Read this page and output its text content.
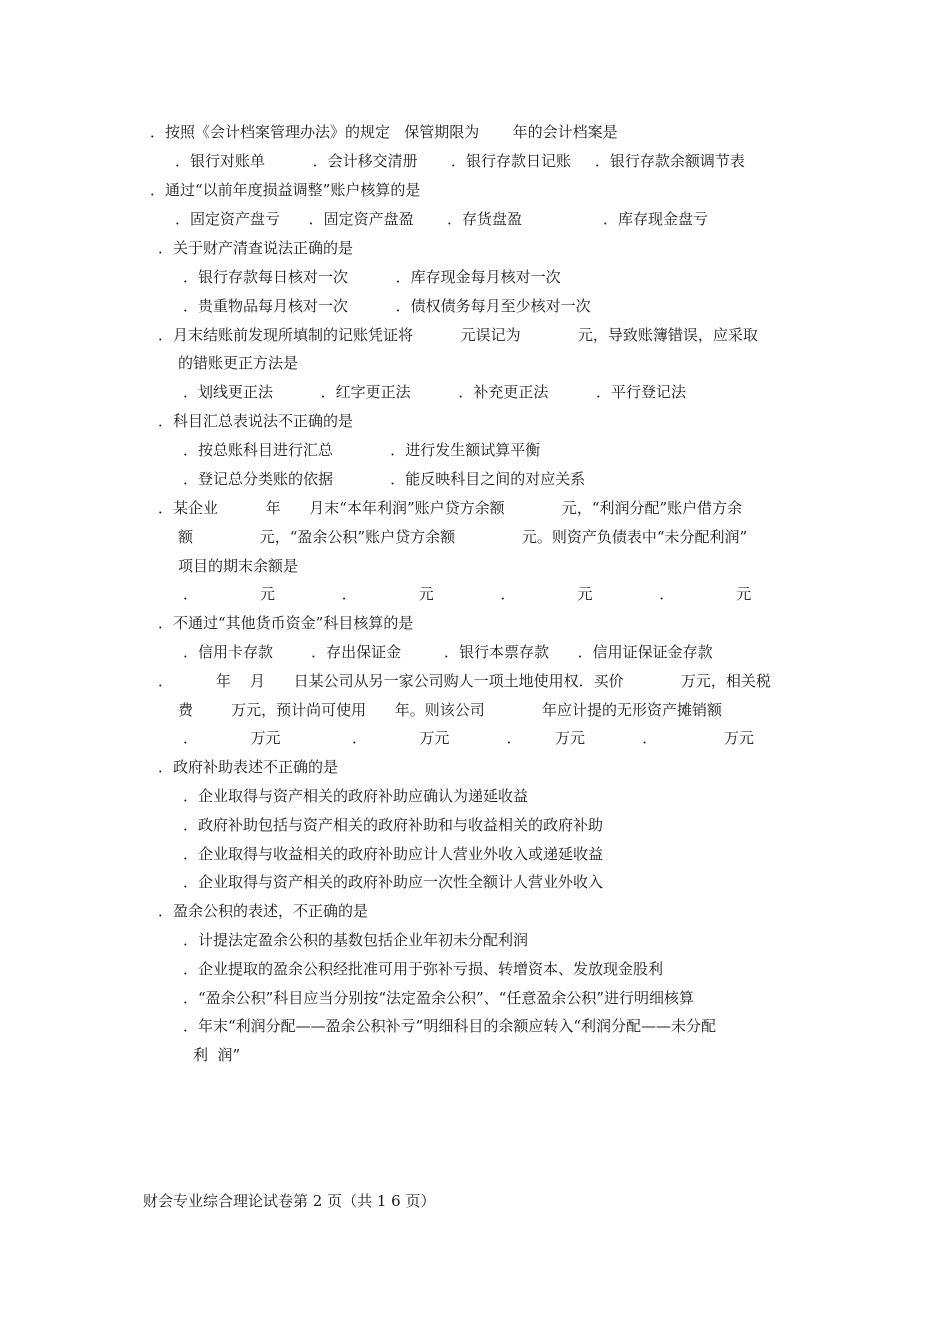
．按照《会计档案管理办法》的规定   保管期限为       年的会计档案是
．银行对账单          ．会计移交清册       ．银行存款日记账     ．银行存款余额调节表
．通过“以前年度损益调整”账户核算的是
．固定资产盘亏      ．固定资产盘盈       ．存货盘盈                 ．库存现金盘亏
．关于财产清查说法正确的是
．银行存款每日核对一次          ．库存现金每月核对一次
．贵重物品每月核对一次          ．债权债务每月至少核对一次
．月末结账前发现所填制的记账凭证将          元误记为            元，导致账簿错误，应采取
的错账更正方法是
．划线更正法          ．红字更正法          ．补充更正法          ．平行登记法
．科目汇总表说法不正确的是
．按总账科目进行汇总            ．进行发生额试算平衡
．登记总分类账的依据            ．能反映科目之间的对应关系
．某企业          年      月末“本年利润”账户贷方余额            元，“利润分配”账户借方余
额              元，“盈余公积”账户贷方余额              元。则资产负债表中“未分配利润”
项目的期末余额是
．             元              ．             元              ．             元              ．             元
．不通过“其他货币资金”科目核算的是
．信用卡存款        ．存出保证金         ．银行本票存款      ．信用证保证金存款
．         年    月      日某公司从另一家公司购人一项土地使用权．买价            万元，相关税
费        万元，预计尚可使用      年。则该公司            年应计提的无形资产摊销额
．           万元               ．           万元            ．       万元            ．              万元
．政府补助表述不正确的是
．企业取得与资产相关的政府补助应确认为递延收益
．政府补助包括与资产相关的政府补助和与收益相关的政府补助
．企业取得与收益相关的政府补助应计人营业外收入或递延收益
．企业取得与资产相关的政府补助应一次性全额计人营业外收入
．盈余公积的表述，不正确的是
．计提法定盈余公积的基数包括企业年初未分配利润
．企业提取的盈余公积经批准可用于弥补亏损、转增资本、发放现金股利
．“盈余公积”科目应当分别按“法定盈余公积”、“任意盈余公积”进行明细核算
．年末“利润分配——盈余公积补亏”明细科目的余额应转入“利润分配——未分配
利  润”
财会专业综合理论试卷第 2 页（共 1 6 页）
